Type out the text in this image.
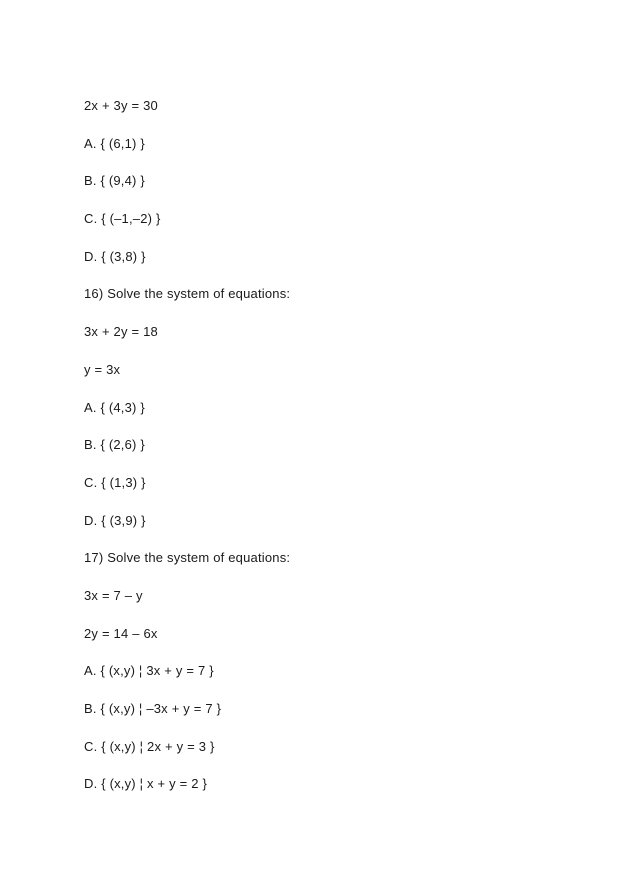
2x + 3y = 30
A. { (6,1) }
B. { (9,4) }
C. { (–1,–2) }
D. { (3,8) }
16) Solve the system of equations:
3x + 2y = 18
y = 3x
A. { (4,3) }
B. { (2,6) }
C. { (1,3) }
D. { (3,9) }
17) Solve the system of equations:
3x = 7 – y
2y = 14 – 6x
A. { (x,y) ¦ 3x + y = 7 }
B. { (x,y) ¦ –3x + y = 7 }
C. { (x,y) ¦ 2x + y = 3 }
D. { (x,y) ¦ x + y = 2 }
